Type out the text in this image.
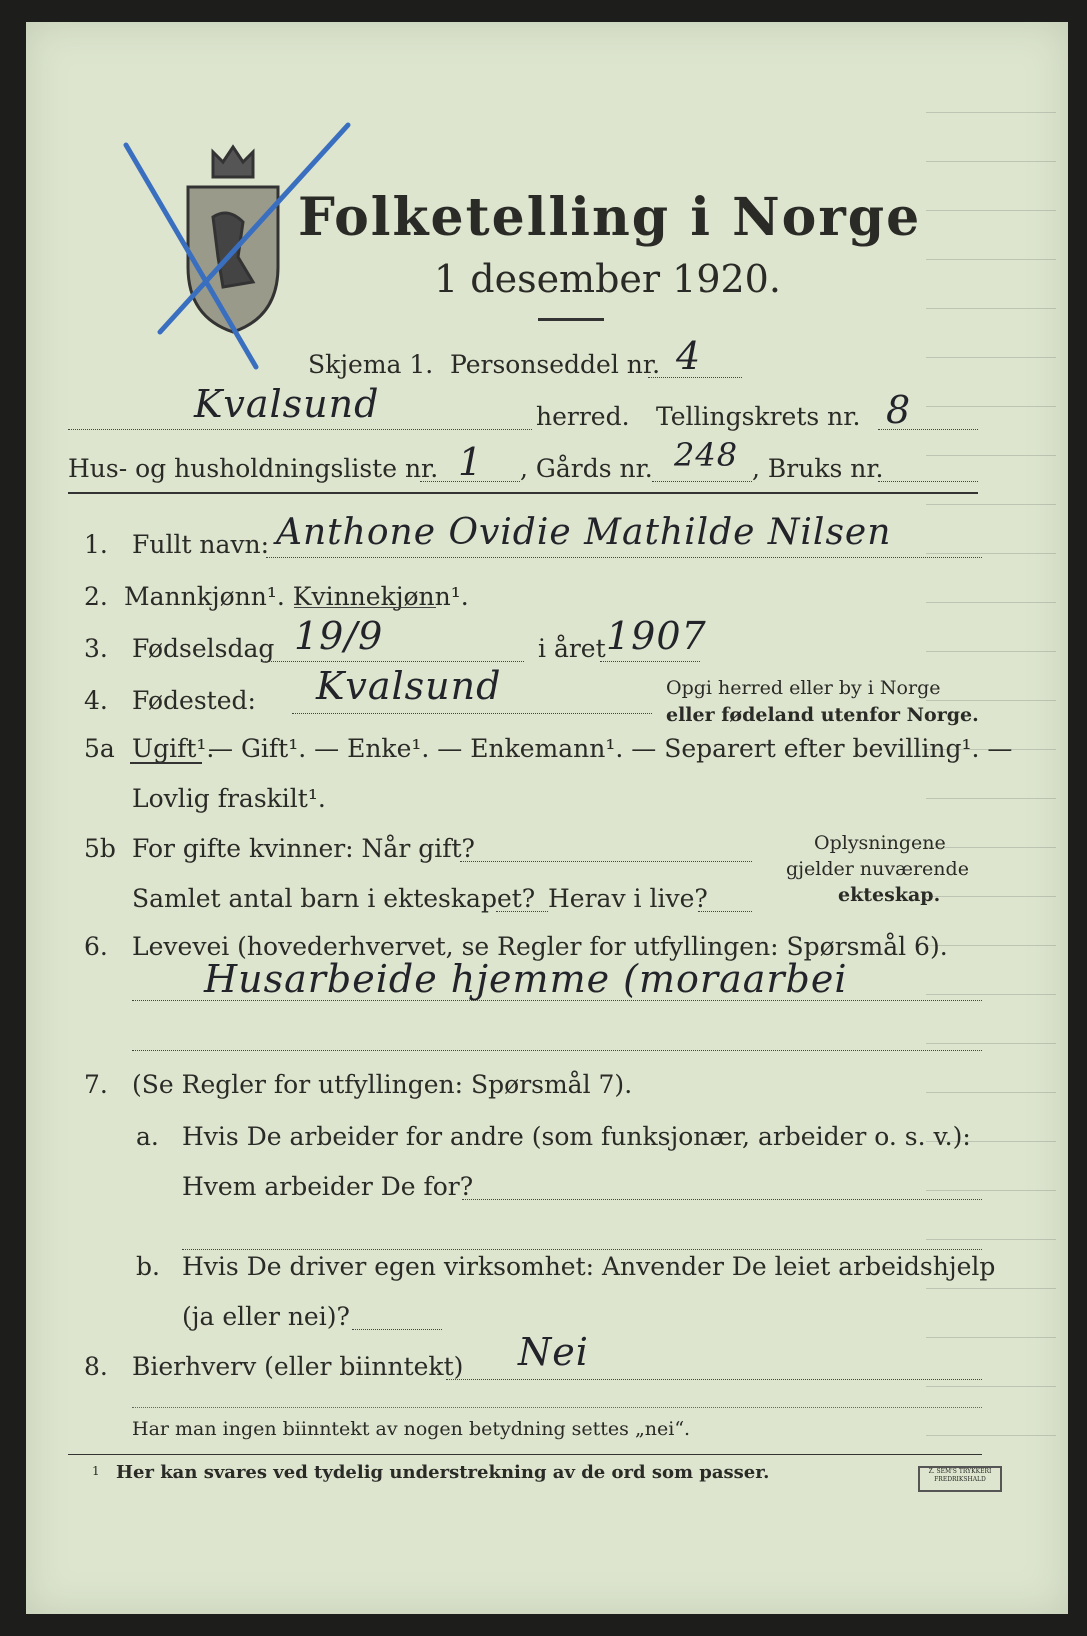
Folketelling i Norge
1 desember 1920.
Skjema 1. Personseddel nr. 4
Kvalsund	herred. Tellingskrets nr. 8
Hus- og husholdningsliste nr. 1 , Gårds nr. 248 , Bruks nr.
1. Fullt navn: Anthone Ovidie Mathilde Nilsen
2. Mannkjønn¹. Kvinnekjønn¹.
3. Fødselsdag 19/9	i året 1907
4. Fødested: Kvalsund	Opgi herred eller by i Norge
eller fødeland utenfor Norge.
5a Ugift¹.
— Gift¹. — Enke¹. — Enkemann¹. — Separert efter bevilling¹. —
Lovlig fraskilt¹.
5b For gifte kvinner: Når gift?
Samlet antal barn i ekteskapet? Herav i live?
Oplysningene
gjelder nuværende
ekteskap.
6. Levevei (hovederhvervet, se Regler for utfyllingen: Spørsmål 6).
Husarbeide hjemme (moraarbei
7. (Se Regler for utfyllingen: Spørsmål 7).
a. Hvis De arbeider for andre (som funksjonær, arbeider o. s. v.):
Hvem arbeider De for?
b. Hvis De driver egen virksomhet: Anvender De leiet arbeidshjelp
(ja eller nei)?
8. Bierhverv (eller biinntekt) Nei
Har man ingen biinntekt av nogen betydning settes „nei“.
1 Her kan svares ved tydelig understrekning av de ord som passer.	Z. SEM'S TRYKKERI FREDRIKSHALD
